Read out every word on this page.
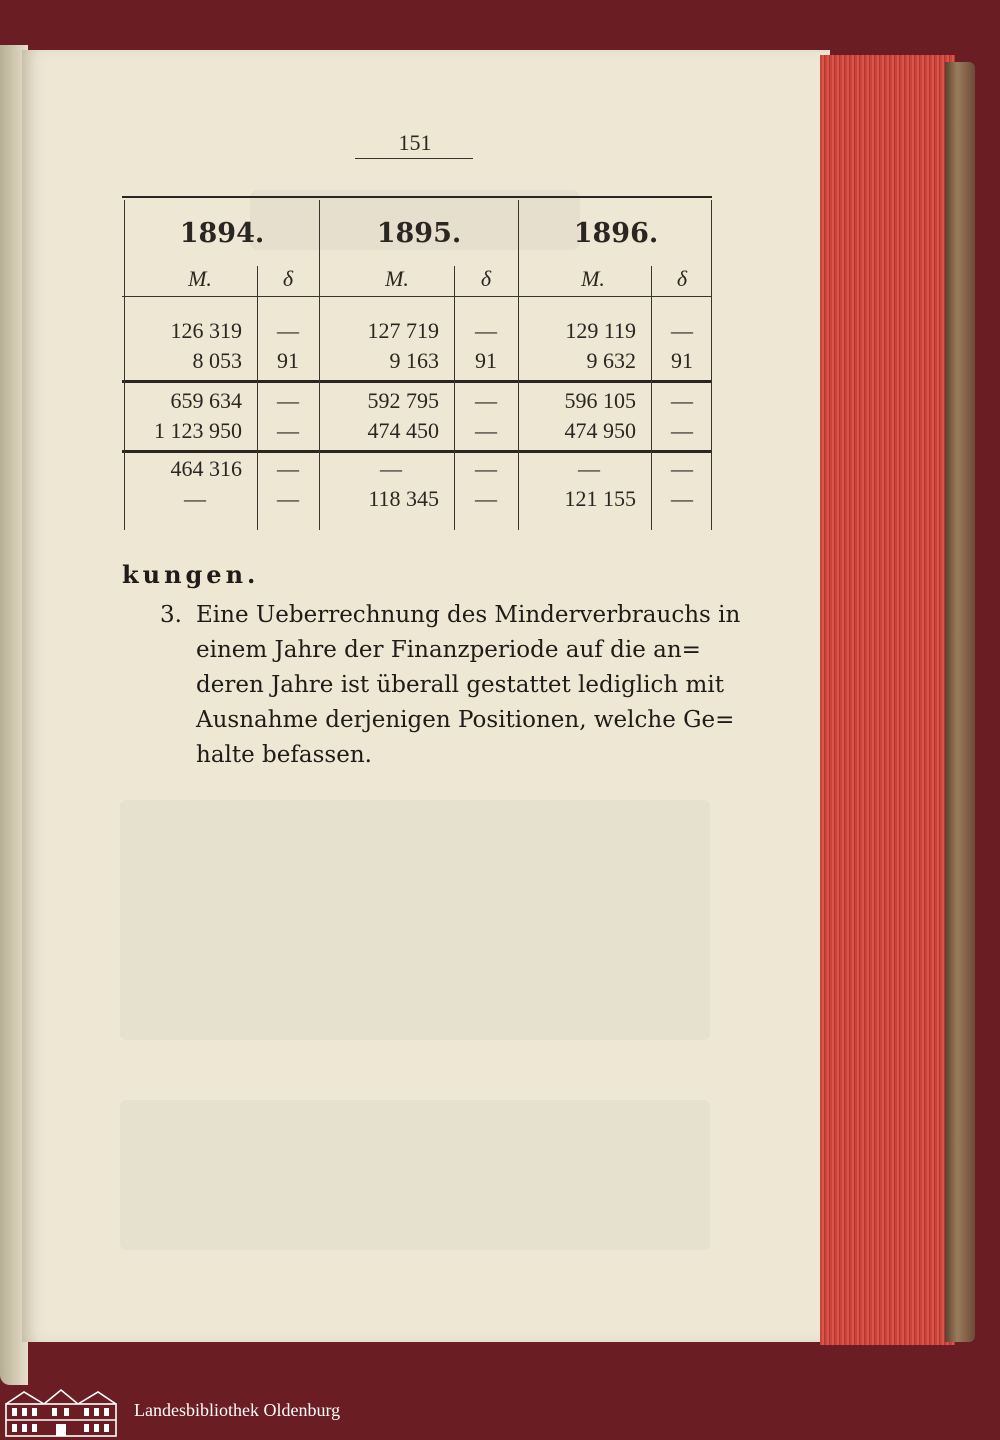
151
1894.	1895.	1896.
M.	δ	M.	δ	M.	δ
126 319	—	127 719	—	129 119	—
8 053	91	9 163	91	9 632	91
659 634	—	592 795	—	596 105	—
1 123 950	—	474 450	—	474 950	—
464 316	—	—	—	—	—
—	—	118 345	—	121 155	—
kungen.
3. Eine Ueberrechnung des Minderverbrauchs in
einem Jahre der Finanzperiode auf die an=
deren Jahre ist überall gestattet lediglich mit
Ausnahme derjenigen Positionen, welche Ge=
halte befassen.
Landesbibliothek Oldenburg
